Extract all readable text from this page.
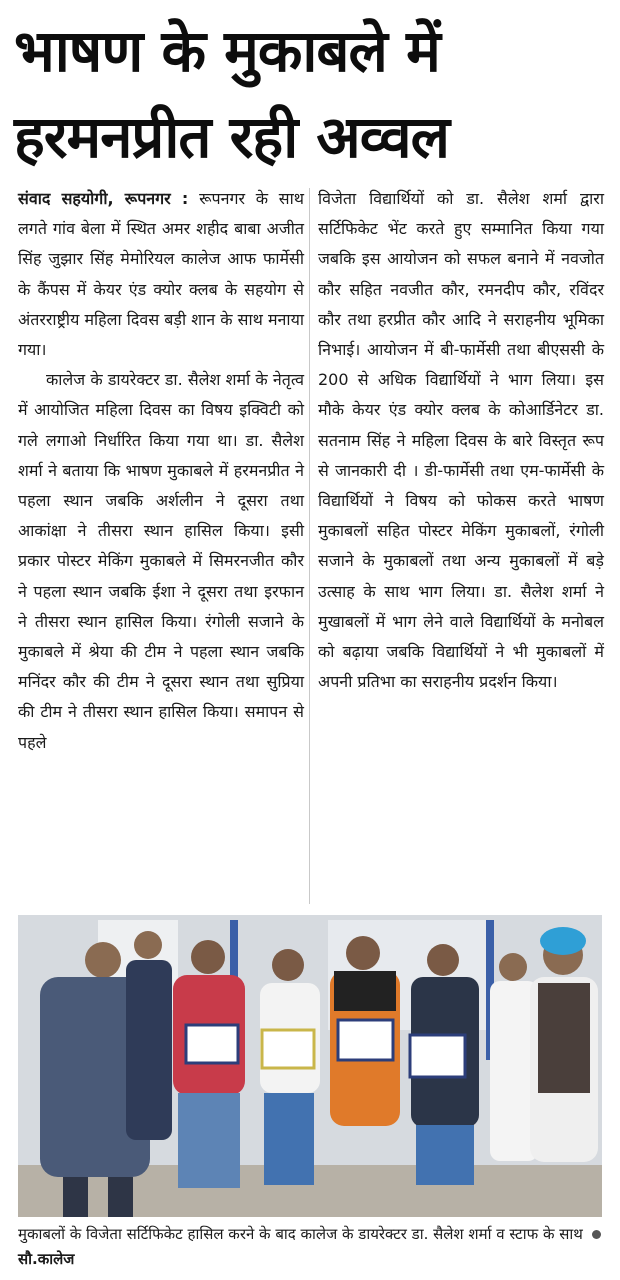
भाषण के मुकाबले में
हरमनप्रीत रही अव्वल

संवाद सहयोगी, रूपनगर : रूपनगर के साथ लगते गांव बेला में स्थित अमर शहीद बाबा अजीत सिंह जुझार सिंह मेमोरियल कालेज आफ फार्मेसी के कैंपस में केयर एंड क्योर क्लब के सहयोग से अंतरराष्ट्रीय महिला दिवस बड़ी शान के साथ मनाया गया।

कालेज के डायरेक्टर डा. सैलेश शर्मा के नेतृत्व में आयोजित महिला दिवस का विषय इक्विटी को गले लगाओ निर्धारित किया गया था। डा. सैलेश शर्मा ने बताया कि भाषण मुकाबले में हरमनप्रीत ने पहला स्थान जबकि अर्शलीन ने दूसरा तथा आकांक्षा ने तीसरा स्थान हासिल किया। इसी प्रकार पोस्टर मेकिंग मुकाबले में सिमरनजीत कौर ने पहला स्थान जबकि ईशा ने दूसरा तथा इरफान ने तीसरा स्थान हासिल किया। रंगोली सजाने के मुकाबले में श्रेया की टीम ने पहला स्थान जबकि मनिंदर कौर की टीम ने दूसरा स्थान तथा सुप्रिया की टीम ने तीसरा स्थान हासिल किया। समापन से पहले

विजेता विद्यार्थियों को डा. सैलेश शर्मा द्वारा सर्टिफिकेट भेंट करते हुए सम्मानित किया गया जबकि इस आयोजन को सफल बनाने में नवजोत कौर सहित नवजीत कौर, रमनदीप कौर, रविंदर कौर तथा हरप्रीत कौर आदि ने सराहनीय भूमिका निभाई। आयोजन में बी-फार्मेसी तथा बीएससी के 200 से अधिक विद्यार्थियों ने भाग लिया। इस मौके केयर एंड क्योर क्लब के कोआर्डिनेटर डा. सतनाम सिंह ने महिला दिवस के बारे विस्तृत रूप से जानकारी दी । डी-फार्मेसी तथा एम-फार्मेसी के विद्यार्थियों ने विषय को फोकस करते भाषण मुकाबलों सहित पोस्टर मेकिंग मुकाबलों, रंगोली सजाने के मुकाबलों तथा अन्य मुकाबलों में बड़े उत्साह के साथ भाग लिया। डा. सैलेश शर्मा ने मुखाबलों में भाग लेने वाले विद्यार्थियों के मनोबल को बढ़ाया जबकि विद्यार्थियों ने भी मुकाबलों में अपनी प्रतिभा का सराहनीय प्रदर्शन किया।

मुकाबलों के विजेता सर्टिफिकेट हासिल करने के बाद कालेज के डायरेक्टर डा. सैलेश शर्मा व स्टाफ के साथ  सौ.कालेज
